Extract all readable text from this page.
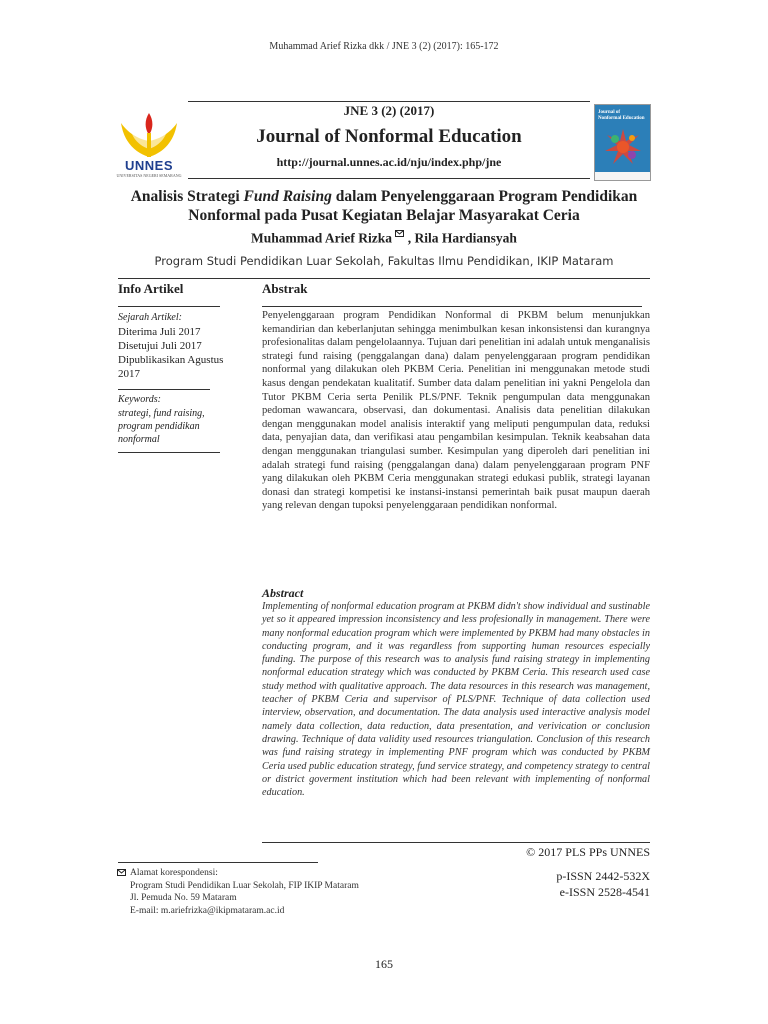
Muhammad Arief Rizka dkk / JNE 3 (2) (2017): 165-172
UNNES
UNIVERSITAS NEGERI SEMARANG
JNE 3 (2) (2017)
Journal of Nonformal Education
http://journal.unnes.ac.id/nju/index.php/jne
Journal of
Nonformal Education
Analisis Strategi Fund Raising dalam Penyelenggaraan Program Pendidikan
Nonformal pada Pusat Kegiatan Belajar Masyarakat Ceria
Muhammad Arief Rizka  , Rila Hardiansyah
Program Studi Pendidikan Luar Sekolah, Fakultas Ilmu Pendidikan, IKIP Mataram
Info Artikel	Abstrak
Sejarah Artikel:
Diterima Juli 2017
Disetujui Juli 2017
Dipublikasikan Agustus 2017
Keywords:
strategi, fund raising, program pendidikan nonformal
Penyelenggaraan program Pendidikan Nonformal di PKBM belum menunjukkan kemandirian dan keberlanjutan sehingga menimbulkan kesan inkonsistensi dan kurangnya profesionalitas dalam pengelolaannya. Tujuan dari penelitian ini adalah untuk menganalisis strategi fund raising (penggalangan dana) dalam penyelenggaraan program pendidikan nonformal yang dilakukan oleh PKBM Ceria. Penelitian ini menggunakan metode studi kasus dengan pendekatan kualitatif. Sumber data dalam penelitian ini yakni Pengelola dan Tutor PKBM Ceria serta Penilik PLS/PNF. Teknik pengumpulan data menggunakan pedoman wawancara, observasi, dan dokumentasi. Analisis data penelitian dilakukan dengan menggunakan model analisis interaktif yang meliputi pengumpulan data, reduksi data, penyajian data, dan verifikasi atau pengambilan kesimpulan. Teknik keabsahan data dengan menggunakan triangulasi sumber. Kesimpulan yang diperoleh dari penelitian ini adalah strategi fund raising (penggalangan dana) dalam penyelenggaraan program PNF yang dilakukan oleh PKBM Ceria menggunakan strategi edukasi publik, strategi layanan donasi dan strategi kompetisi ke instansi-instansi pemerintah baik pusat maupun daerah yang relevan dengan tupoksi penyelenggaraan pendidikan nonformal.
Abstract
Implementing of nonformal education program at PKBM didn't show individual and sustinable yet so it appeared impression inconsistency and less profesionally in management. There were many nonformal education program which were implemented by PKBM had many obstacles in conducting program, and it was regardless from supporting human resources especially funding. The purpose of this research was to analysis fund raising strategy in implementing nonformal education strategy which was conducted by PKBM Ceria. This research used case study method with qualitative approach. The data resources in this research was management, teacher of PKBM Ceria and supervisor of PLS/PNF. Technique of data collection used interview, observation, and documentation. The data analysis used interactive analysis model namely data collection, data reduction, data presentation, and verivication or conclusion drawing. Technique of data validity used resources triangulation. Conclusion of this research was fund raising strategy in implementing PNF program which was conducted by PKBM Ceria used public education strategy, fund service strategy, and competency strategy to central or district goverment institution which had been relevant with implementing of nonformal education.
© 2017 PLS PPs UNNES
Alamat korespondensi:
Program Studi Pendidikan Luar Sekolah, FIP IKIP Mataram
Jl. Pemuda No. 59 Mataram
E-mail: m.ariefrizka@ikipmataram.ac.id
p-ISSN 2442-532X
e-ISSN 2528-4541
165
